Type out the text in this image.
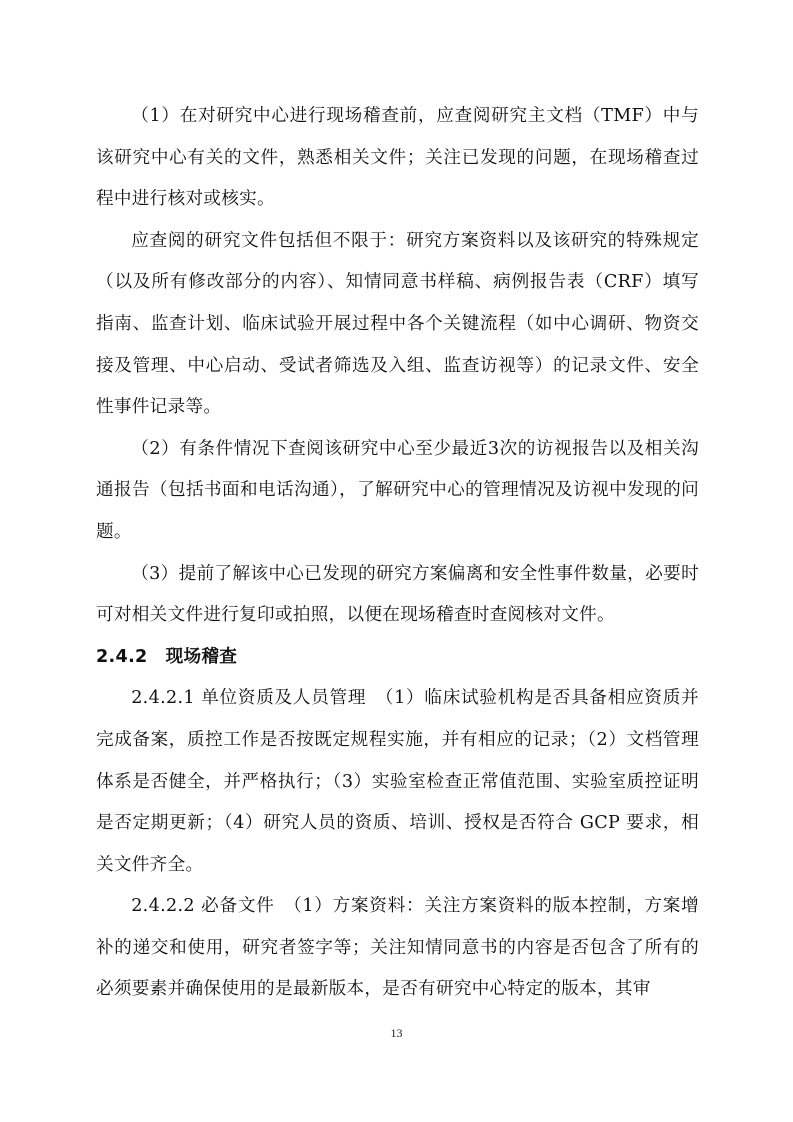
（1）在对研究中心进行现场稽查前，应查阅研究主文档（TMF）中与该研究中心有关的文件，熟悉相关文件；关注已发现的问题，在现场稽查过程中进行核对或核实。

应查阅的研究文件包括但不限于：研究方案资料以及该研究的特殊规定（以及所有修改部分的内容）、知情同意书样稿、病例报告表（CRF）填写指南、监查计划、临床试验开展过程中各个关键流程（如中心调研、物资交接及管理、中心启动、受试者筛选及入组、监查访视等）的记录文件、安全性事件记录等。

（2）有条件情况下查阅该研究中心至少最近3次的访视报告以及相关沟通报告（包括书面和电话沟通），了解研究中心的管理情况及访视中发现的问题。

（3）提前了解该中心已发现的研究方案偏离和安全性事件数量，必要时可对相关文件进行复印或拍照，以便在现场稽查时查阅核对文件。

2.4.2 现场稽查

2.4.2.1 单位资质及人员管理　（1）临床试验机构是否具备相应资质并完成备案，质控工作是否按既定规程实施，并有相应的记录；（2）文档管理体系是否健全，并严格执行；（3）实验室检查正常值范围、实验室质控证明是否定期更新；（4）研究人员的资质、培训、授权是否符合 GCP 要求，相关文件齐全。

2.4.2.2 必备文件　（1）方案资料：关注方案资料的版本控制，方案增补的递交和使用，研究者签字等；关注知情同意书的内容是否包含了所有的必须要素并确保使用的是最新版本，是否有研究中心特定的版本，其审

13
